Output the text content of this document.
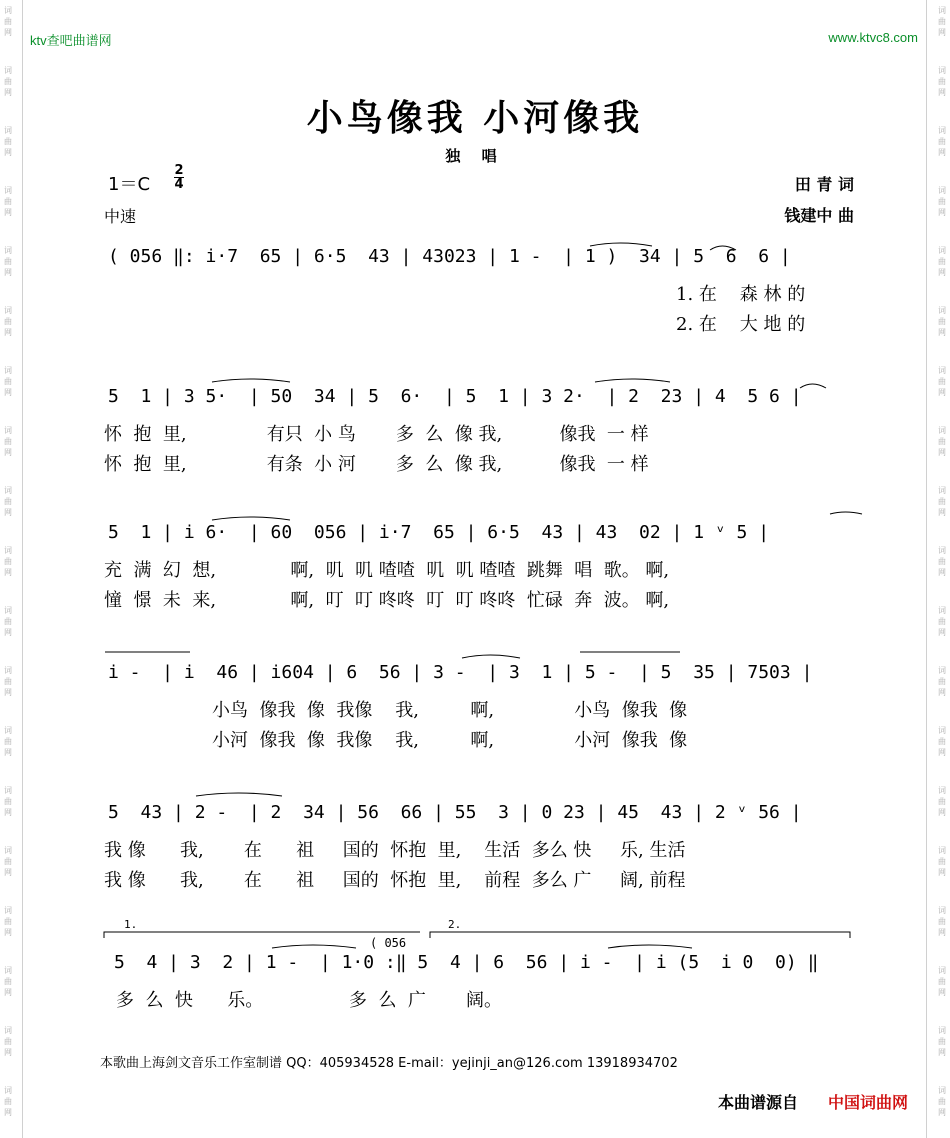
词
曲
网
词
曲
网
词
曲
网
词
曲
网
词
曲
网
词
曲
网
词
曲
网
词
曲
网
词
曲
网
词
曲
网
词
曲
网
词
曲
网
词
曲
网
词
曲
网
词
曲
网
词
曲
网
词
曲
网
词
曲
网
词
曲
网
词
曲
网
词
曲
网
词
曲
网
词
曲
网
词
曲
网
词
曲
网
词
曲
网
词
曲
网
词
曲
网
词
曲
网
词
曲
网
词
曲
网
词
曲
网
词
曲
网
词
曲
网
词
曲
网
词
曲
网
词
曲
网
词
曲
网
ktv查吧曲谱网	www.ktvc8.com
小鸟像我 小河像我
独 唱
$1=C \frac{2}{4}$
中速
田 青 词
钱建中 曲
( 056 ‖: i·7  65 | 6·5  43 | 43023 | 1 -  | 1 )  34 | 5  6  6 |
1. 在    森 林 的
2. 在    大 地 的
5  1 | 3 5·  | 50  34 | 5  6·  | 5  1 | 3 2·  | 2  23 | 4  5 6 |
怀  抱  里,              有只  小 鸟       多  么  像 我,          像我  一 样
怀  抱  里,              有条  小 河       多  么  像 我,          像我  一 样
5  1 | i 6·  | 60  056 | i·7  65 | 6·5  43 | 43  02 | 1 ᵛ 5 |
充  满  幻  想,             啊,  叽  叽 喳喳  叽  叽 喳喳  跳舞  唱  歌。 啊,
憧  憬  未  来,             啊,  叮  叮 咚咚  叮  叮 咚咚  忙碌  奔  波。 啊,
i -  | i  46 | i604 | 6  56 | 3 -  | 3  1 | 5 -  | 5  35 | 7503 |
小鸟  像我  像  我像    我,         啊,              小鸟  像我  像
小河  像我  像  我像    我,         啊,              小河  像我  像
5  43 | 2 -  | 2  34 | 56  66 | 55  3 | 0 23 | 45  43 | 2 ᵛ 56 |
我 像      我,       在      祖     国的  怀抱  里,    生活  多么 快     乐, 生活
我 像      我,       在      祖     国的  怀抱  里,    前程  多么 广     阔, 前程
1.	2.
( 056
5  4 | 3  2 | 1 -  | 1·0 :‖ 5  4 | 6  56 | i -  | i (5  i 0  0) ‖
多  么  快      乐。               多  么  广       阔。
本歌曲上海剑文音乐工作室制谱 QQ：405934528 E-mail：yejinji_an@126.com 13918934702
本曲谱源自 中国词曲网
